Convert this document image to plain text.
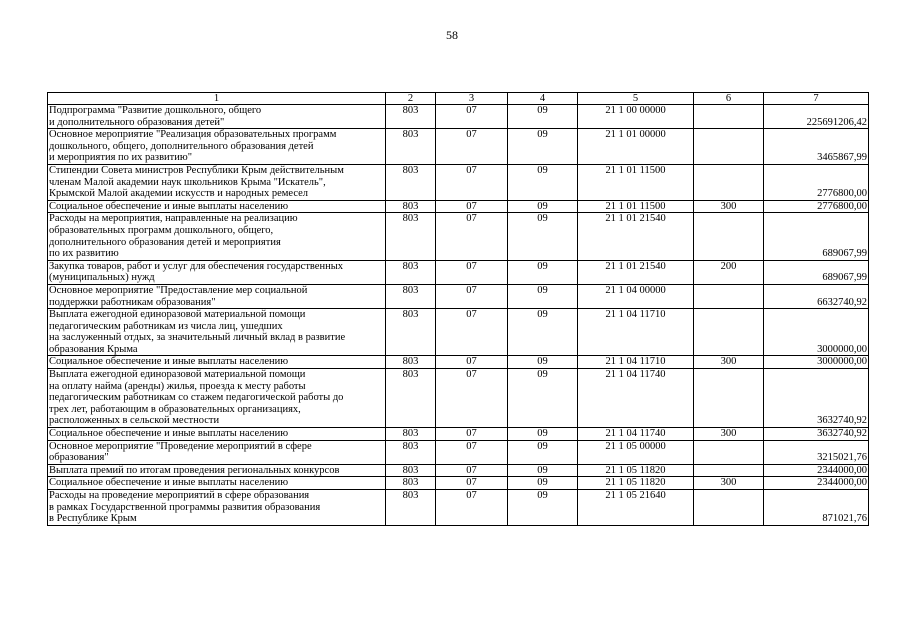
58
1	2	3	4	5	6	7
Подпрограмма "Развитие дошкольного, общего
и дополнительного образования детей"	803	07	09	21 1 00 00000		225691206,42
Основное мероприятие "Реализация образовательных программ
дошкольного, общего, дополнительного образования детей
и мероприятия по их развитию"	803	07	09	21 1 01 00000		3465867,99
Стипендии Совета министров Республики Крым действительным
членам Малой академии наук школьников Крыма "Искатель",
Крымской Малой академии искусств и народных ремесел	803	07	09	21 1 01 11500		2776800,00
Социальное обеспечение и иные выплаты населению	803	07	09	21 1 01 11500	300	2776800,00
Расходы на мероприятия, направленные на реализацию
образовательных программ дошкольного, общего,
дополнительного образования детей и мероприятия
по их развитию	803	07	09	21 1 01 21540		689067,99
Закупка товаров, работ и услуг для обеспечения государственных
(муниципальных) нужд	803	07	09	21 1 01 21540	200	689067,99
Основное мероприятие "Предоставление мер социальной
поддержки работникам образования"	803	07	09	21 1 04 00000		6632740,92
Выплата ежегодной единоразовой материальной помощи
педагогическим работникам из числа лиц, ушедших
на заслуженный отдых, за значительный личный вклад в развитие
образования Крыма	803	07	09	21 1 04 11710		3000000,00
Социальное обеспечение и иные выплаты населению	803	07	09	21 1 04 11710	300	3000000,00
Выплата ежегодной единоразовой материальной помощи
на оплату найма (аренды) жилья, проезда к месту работы
педагогическим работникам со стажем педагогической работы до
трех лет, работающим в образовательных организациях,
расположенных в сельской местности	803	07	09	21 1 04 11740		3632740,92
Социальное обеспечение и иные выплаты населению	803	07	09	21 1 04 11740	300	3632740,92
Основное мероприятие "Проведение мероприятий в сфере
образования"	803	07	09	21 1 05 00000		3215021,76
Выплата премий по итогам проведения региональных конкурсов	803	07	09	21 1 05 11820		2344000,00
Социальное обеспечение и иные выплаты населению	803	07	09	21 1 05 11820	300	2344000,00
Расходы на проведение мероприятий в сфере образования
в рамках Государственной программы развития образования
в Республике Крым	803	07	09	21 1 05 21640		871021,76
